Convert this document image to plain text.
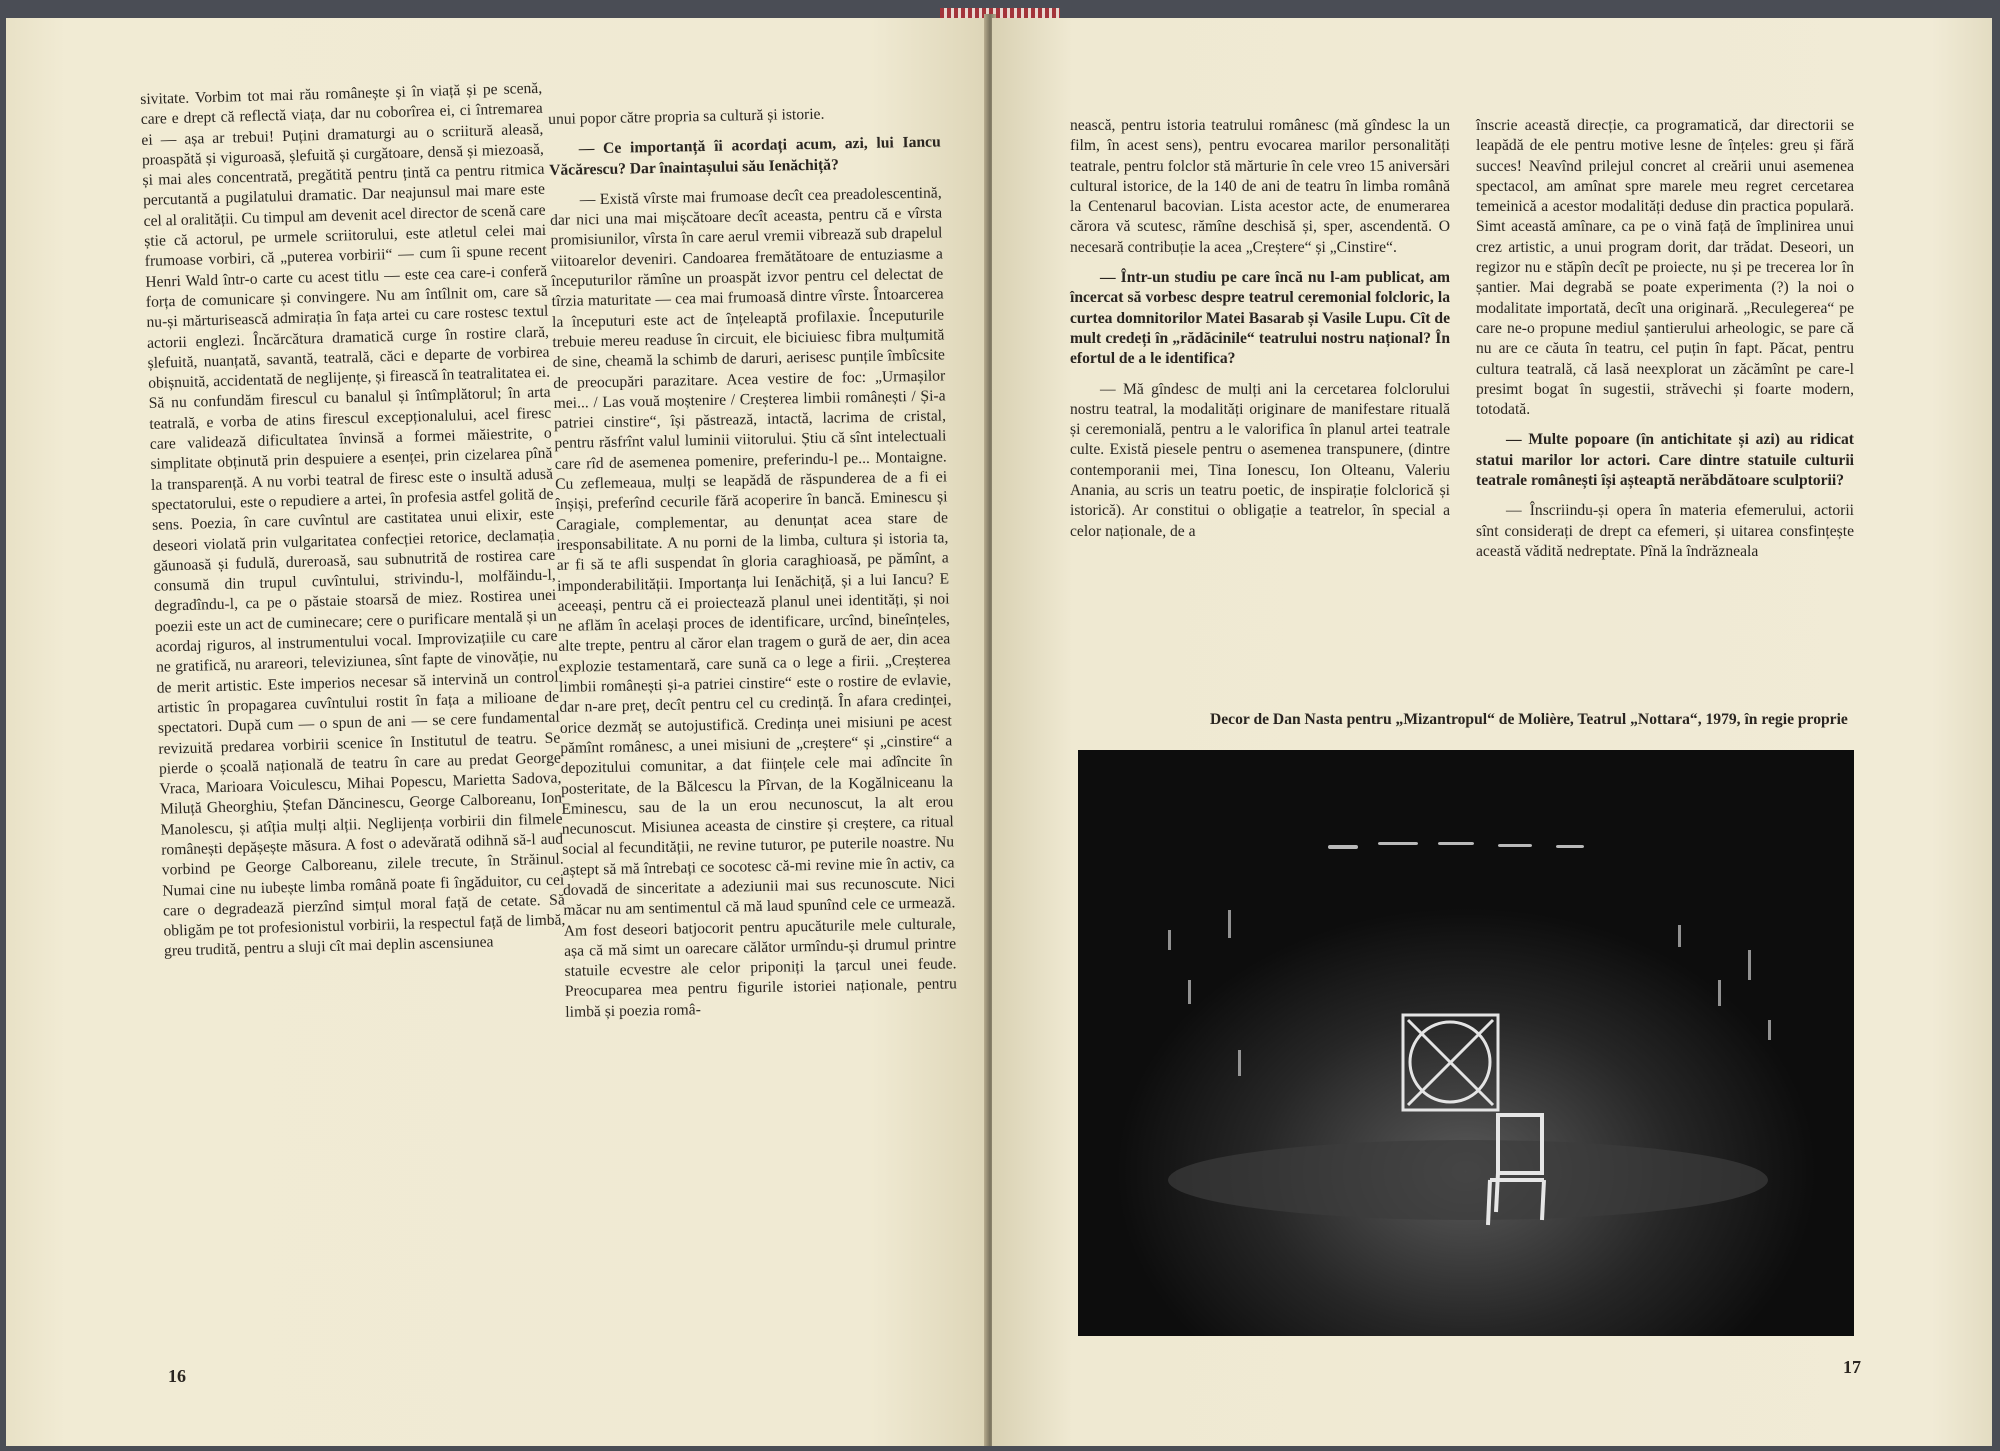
sivitate. Vorbim tot mai rău românește și în viață și pe scenă, care e drept că reflectă viața, dar nu coborîrea ei, ci întremarea ei — așa ar trebui! Puțini dramaturgi au o scriitură aleasă, proaspătă și viguroasă, șlefuită și curgătoare, densă și miezoasă, și mai ales concentrată, pregătită pentru țintă ca pentru ritmica percutantă a pugilatului dramatic. Dar neajunsul mai mare este cel al oralității. Cu timpul am devenit acel director de scenă care știe că actorul, pe urmele scriitorului, este atletul celei mai frumoase vorbiri, că „puterea vorbirii“ — cum îi spune recent Henri Wald într-o carte cu acest titlu — este cea care-i conferă forța de comunicare și convingere. Nu am întîlnit om, care să nu-și mărturisească admirația în fața artei cu care rostesc textul actorii englezi. Încărcătura dramatică curge în rostire clară, șlefuită, nuanțată, savantă, teatrală, căci e departe de vorbirea obișnuită, accidentată de neglijențe, și firească în teatralitatea ei. Să nu confundăm firescul cu banalul și întîmplătorul; în arta teatrală, e vorba de atins firescul excepționalului, acel firesc care validează dificultatea învinsă a formei măiestrite, o simplitate obținută prin despuiere a esenței, prin cizelarea pînă la transparență. A nu vorbi teatral de firesc este o insultă adusă spectatorului, este o repudiere a artei, în profesia astfel golită de sens. Poezia, în care cuvîntul are castitatea unui elixir, este deseori violată prin vulgaritatea confecției retorice, declamația găunoasă și fudulă, dureroasă, sau subnutrită de rostirea care consumă din trupul cuvîntului, strivindu-l, molfăindu-l, degradîndu-l, ca pe o păstaie stoarsă de miez. Rostirea unei poezii este un act de cuminecare; cere o purificare mentală și un acordaj riguros, al instrumentului vocal. Improvizațiile cu care ne gratifică, nu arareori, televiziunea, sînt fapte de vinovăție, nu de merit artistic. Este imperios necesar să intervină un control artistic în propagarea cuvîntului rostit în fața a milioane de spectatori. După cum — o spun de ani — se cere fundamental revizuită predarea vorbirii scenice în Institutul de teatru. Se pierde o școală națională de teatru în care au predat George Vraca, Marioara Voiculescu, Mihai Popescu, Marietta Sadova, Miluță Gheorghiu, Ștefan Dăncinescu, George Calboreanu, Ion Manolescu, și atîția mulți alții. Neglijența vorbirii din filmele românești depășește măsura. A fost o adevărată odihnă să-l aud vorbind pe George Calboreanu, zilele trecute, în Străinul. Numai cine nu iubește limba română poate fi îngăduitor, cu cei care o degradează pierzînd simțul moral față de cetate. Să obligăm pe tot profesionistul vorbirii, la respectul față de limbă, greu trudită, pentru a sluji cît mai deplin ascensiunea

unui popor către propria sa cultură și istorie.

— Ce importanță îi acordați acum, azi, lui Iancu Văcărescu? Dar înaintașului său Ienăchiță?

— Există vîrste mai frumoase decît cea preadolescentină, dar nici una mai mișcătoare decît aceasta, pentru că e vîrsta promisiunilor, vîrsta în care aerul vremii vibrează sub drapelul viitoarelor deveniri. Candoarea fremătătoare de entuziasme a începuturilor rămîne un proaspăt izvor pentru cel delectat de tîrzia maturitate — cea mai frumoasă dintre vîrste. Întoarcerea la începuturi este act de înțeleaptă profilaxie. Începuturile trebuie mereu readuse în circuit, ele biciuiesc fibra mulțumită de sine, cheamă la schimb de daruri, aerisesc punțile îmbîcsite de preocupări parazitare. Acea vestire de foc: „Urmașilor mei... / Las vouă moștenire / Creșterea limbii românești / Și-a patriei cinstire“, își păstrează, intactă, lacrima de cristal, pentru răsfrînt valul luminii viitorului. Știu că sînt intelectuali care rîd de asemenea pomenire, preferindu-l pe... Montaigne. Cu zeflemeaua, mulți se leapădă de răspunderea de a fi ei înșiși, preferînd cecurile fără acoperire în bancă. Eminescu și Caragiale, complementar, au denunțat acea stare de iresponsabilitate. A nu porni de la limba, cultura și istoria ta, ar fi să te afli suspendat în gloria caraghioasă, pe pămînt, a imponderabilității. Importanța lui Ienăchiță, și a lui Iancu? E aceeași, pentru că ei proiectează planul unei identități, și noi ne aflăm în același proces de identificare, urcînd, bineînțeles, alte trepte, pentru al căror elan tragem o gură de aer, din acea explozie testamentară, care sună ca o lege a firii. „Creșterea limbii românești și-a patriei cinstire“ este o rostire de evlavie, dar n-are preț, decît pentru cel cu credință. În afara credinței, orice dezmăț se autojustifică. Credința unei misiuni pe acest pămînt românesc, a unei misiuni de „creștere“ și „cinstire“ a depozitului comunitar, a dat ființele cele mai adîncite în posteritate, de la Bălcescu la Pîrvan, de la Kogălniceanu la Eminescu, sau de la un erou necunoscut, la alt erou necunoscut. Misiunea aceasta de cinstire și creștere, ca ritual social al fecundității, ne revine tuturor, pe puterile noastre. Nu aștept să mă întrebați ce socotesc că-mi revine mie în activ, ca dovadă de sinceritate a adeziunii mai sus recunoscute. Nici măcar nu am sentimentul că mă laud spunînd cele ce urmează. Am fost deseori batjocorit pentru apucăturile mele culturale, așa că mă simt un oarecare călător urmîndu-și drumul printre statuile ecvestre ale celor priponiți la țarcul unei feude. Preocuparea mea pentru figurile istoriei naționale, pentru limbă și poezia româ-

16

nească, pentru istoria teatrului românesc (mă gîndesc la un film, în acest sens), pentru evocarea marilor personalități teatrale, pentru folclor stă mărturie în cele vreo 15 aniversări cultural istorice, de la 140 de ani de teatru în limba română la Centenarul bacovian. Lista acestor acte, de enumerarea cărora vă scutesc, rămîne deschisă și, sper, ascendentă. O necesară contribuție la acea „Creștere“ și „Cinstire“.

— Într-un studiu pe care încă nu l-am publicat, am încercat să vorbesc despre teatrul ceremonial folcloric, la curtea domnitorilor Matei Basarab și Vasile Lupu. Cît de mult credeți în „rădăcinile“ teatrului nostru național? În efortul de a le identifica?

— Mă gîndesc de mulți ani la cercetarea folclorului nostru teatral, la modalități originare de manifestare rituală și ceremonială, pentru a le valorifica în planul artei teatrale culte. Există piesele pentru o asemenea transpunere, (dintre contemporanii mei, Tina Ionescu, Ion Olteanu, Valeriu Anania, au scris un teatru poetic, de inspirație folclorică și istorică). Ar constitui o obligație a teatrelor, în special a celor naționale, de a

înscrie această direcție, ca programatică, dar directorii se leapădă de ele pentru motive lesne de înțeles: greu și fără succes! Neavînd prilejul concret al creării unui asemenea spectacol, am amînat spre marele meu regret cercetarea temeinică a acestor modalități deduse din practica populară. Simt această amînare, ca pe o vină față de împlinirea unui crez artistic, a unui program dorit, dar trădat. Deseori, un regizor nu e stăpîn decît pe proiecte, nu și pe trecerea lor în șantier. Mai degrabă se poate experimenta (?) la noi o modalitate importată, decît una originară. „Reculegerea“ pe care ne-o propune mediul șantierului arheologic, se pare că nu are ce căuta în teatru, cel puțin în fapt. Păcat, pentru cultura teatrală, că lasă neexplorat un zăcămînt pe care-l presimt bogat în sugestii, străvechi și foarte modern, totodată.

— Multe popoare (în antichitate și azi) au ridicat statui marilor lor actori. Care dintre statuile culturii teatrale românești își așteaptă nerăbdătoare sculptorii?

— Înscriindu-și opera în materia efemerului, actorii sînt considerați de drept ca efemeri, și uitarea consfințește această vădită nedreptate. Pînă la îndrăzneala

Decor de Dan Nasta pentru „Mizantropul“ de Molière, Teatrul „Nottara“, 1979, în regie proprie
17
